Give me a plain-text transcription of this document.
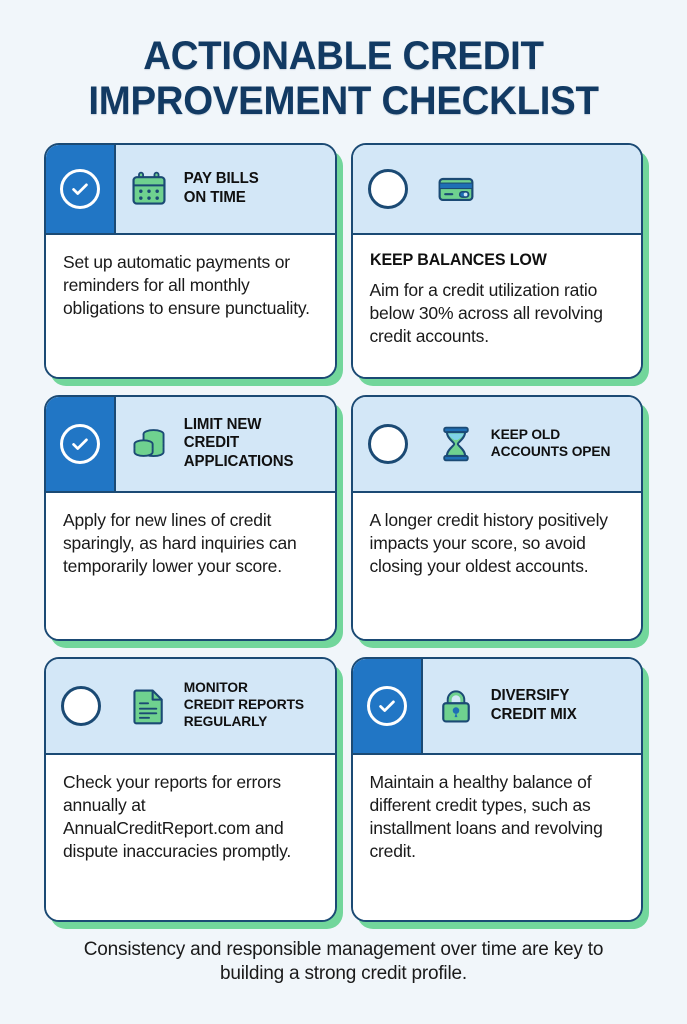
ACTIONABLE CREDIT
IMPROVEMENT CHECKLIST
PAY BILLS
ON TIME
Set up automatic payments or reminders for all monthly obligations to ensure punctuality.
KEEP BALANCES LOW
Aim for a credit utilization ratio below 30% across all revolving credit accounts.
LIMIT NEW
CREDIT
APPLICATIONS
Apply for new lines of credit sparingly, as hard inquiries can temporarily lower your score.
KEEP OLD
ACCOUNTS OPEN
A longer credit history positively impacts your score, so avoid closing your oldest accounts.
MONITOR
CREDIT REPORTS
REGULARLY
Check your reports for errors annually at AnnualCreditReport.com and dispute inaccuracies promptly.
DIVERSIFY
CREDIT MIX
Maintain a healthy balance of different credit types, such as installment loans and revolving credit.
Consistency and responsible management over time are key to building a strong credit profile.
